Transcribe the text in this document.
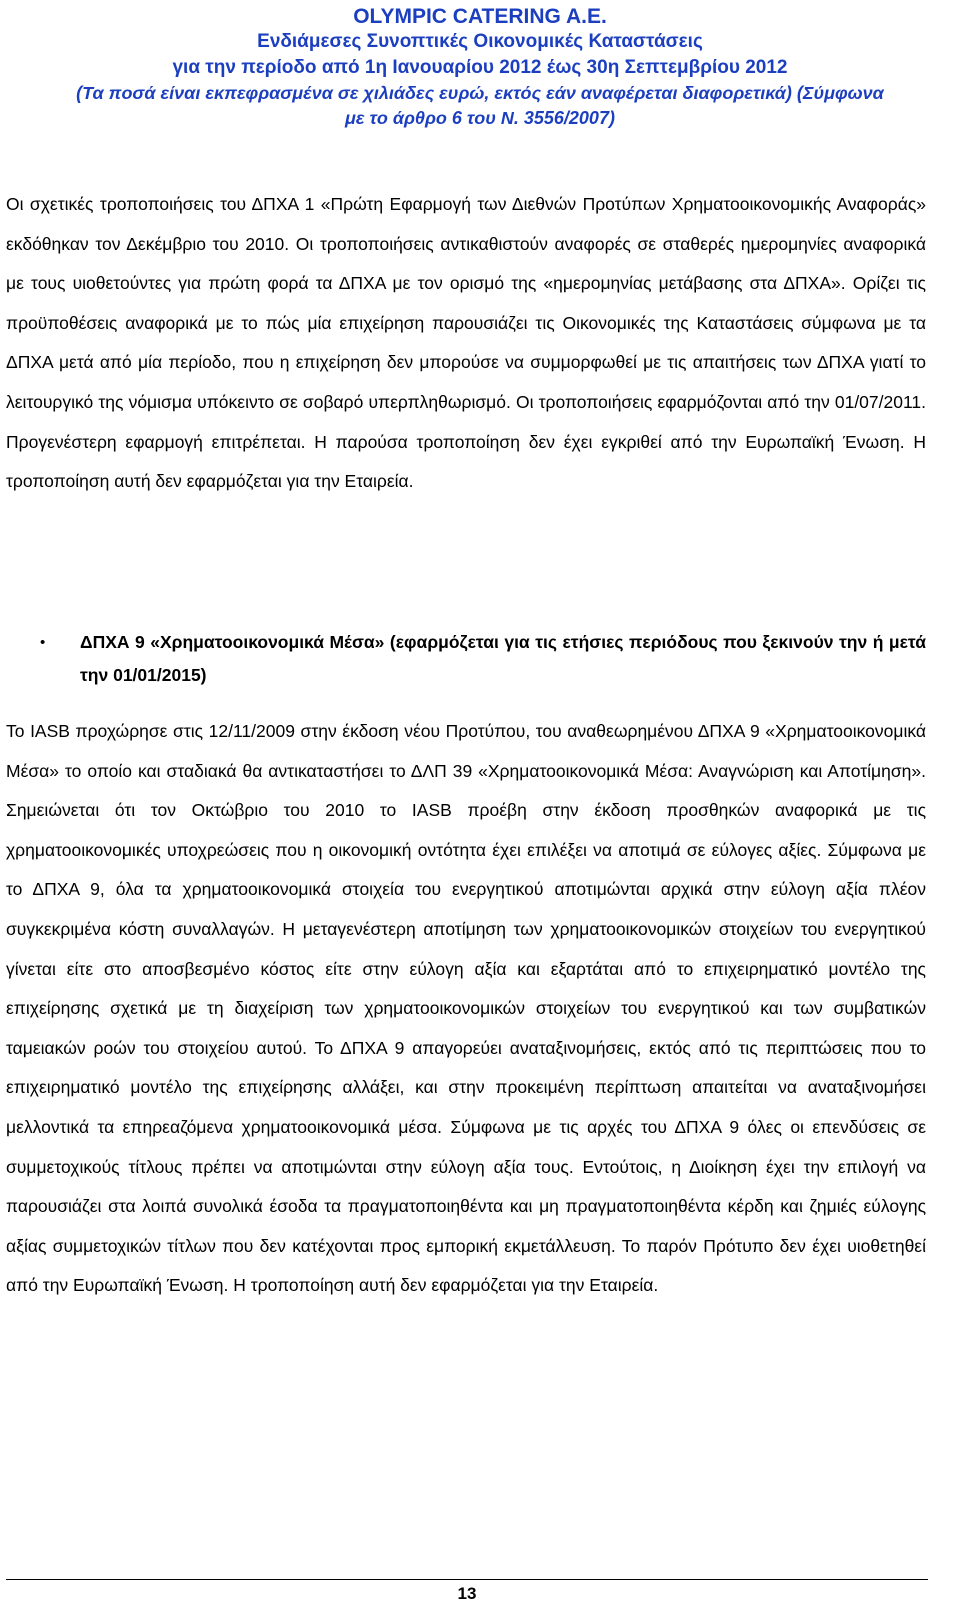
OLYMPIC CATERING A.E.
Ενδιάμεσες Συνοπτικές Οικονομικές Καταστάσεις
για την περίοδο από 1η Ιανουαρίου 2012 έως 30η Σεπτεμβρίου 2012
(Τα ποσά είναι εκπεφρασμένα σε χιλιάδες ευρώ, εκτός εάν αναφέρεται διαφορετικά) (Σύμφωνα
με το άρθρο 6 του Ν. 3556/2007)

Οι σχετικές τροποποιήσεις του ΔΠΧΑ 1 «Πρώτη Εφαρμογή των Διεθνών Προτύπων Χρηματοοικονομικής Αναφοράς» εκδόθηκαν τον Δεκέμβριο του 2010. Οι τροποποιήσεις αντικαθιστούν αναφορές σε σταθερές ημερομηνίες αναφορικά με τους υιοθετούντες για πρώτη φορά τα ΔΠΧΑ με τον ορισμό της «ημερομηνίας μετάβασης στα ΔΠΧΑ». Ορίζει τις προϋποθέσεις αναφορικά με το πώς μία επιχείρηση παρουσιάζει τις Οικονομικές της Καταστάσεις σύμφωνα με τα ΔΠΧΑ μετά από μία περίοδο, που η επιχείρηση δεν μπορούσε να συμμορφωθεί με τις απαιτήσεις των ΔΠΧΑ γιατί το λειτουργικό της νόμισμα υπόκειντο σε σοβαρό υπερπληθωρισμό. Οι τροποποιήσεις εφαρμόζονται από την 01/07/2011. Προγενέστερη εφαρμογή επιτρέπεται. Η παρούσα τροποποίηση δεν έχει εγκριθεί από την Ευρωπαϊκή Ένωση. Η τροποποίηση αυτή δεν εφαρμόζεται για την Εταιρεία.

• ΔΠΧΑ 9 «Χρηματοοικονομικά Μέσα» (εφαρμόζεται για τις ετήσιες περιόδους που ξεκινούν την ή μετά την 01/01/2015)

Το IASB προχώρησε στις 12/11/2009 στην έκδοση νέου Προτύπου, του αναθεωρημένου ΔΠΧΑ 9 «Χρηματοοικονομικά Μέσα» το οποίο και σταδιακά θα αντικαταστήσει το ΔΛΠ 39 «Χρηματοοικονομικά Μέσα: Αναγνώριση και Αποτίμηση». Σημειώνεται ότι τον Οκτώβριο του 2010 το IASB προέβη στην έκδοση προσθηκών αναφορικά με τις χρηματοοικονομικές υποχρεώσεις που η οικονομική οντότητα έχει επιλέξει να αποτιμά σε εύλογες αξίες. Σύμφωνα με το ΔΠΧΑ 9, όλα τα χρηματοοικονομικά στοιχεία του ενεργητικού αποτιμώνται αρχικά στην εύλογη αξία πλέον συγκεκριμένα κόστη συναλλαγών. Η μεταγενέστερη αποτίμηση των χρηματοοικονομικών στοιχείων του ενεργητικού γίνεται είτε στο αποσβεσμένο κόστος είτε στην εύλογη αξία και εξαρτάται από το επιχειρηματικό μοντέλο της επιχείρησης σχετικά με τη διαχείριση των χρηματοοικονομικών στοιχείων του ενεργητικού και των συμβατικών ταμειακών ροών του στοιχείου αυτού. Το ΔΠΧΑ 9 απαγορεύει αναταξινομήσεις, εκτός από τις περιπτώσεις που το επιχειρηματικό μοντέλο της επιχείρησης αλλάξει, και στην προκειμένη περίπτωση απαιτείται να αναταξινομήσει μελλοντικά τα επηρεαζόμενα χρηματοοικονομικά μέσα. Σύμφωνα με τις αρχές του ΔΠΧΑ 9 όλες οι επενδύσεις σε συμμετοχικούς τίτλους πρέπει να αποτιμώνται στην εύλογη αξία τους. Εντούτοις, η Διοίκηση έχει την επιλογή να παρουσιάζει στα λοιπά συνολικά έσοδα τα πραγματοποιηθέντα και μη πραγματοποιηθέντα κέρδη και ζημιές εύλογης αξίας συμμετοχικών τίτλων που δεν κατέχονται προς εμπορική εκμετάλλευση. Το παρόν Πρότυπο δεν έχει υιοθετηθεί από την Ευρωπαϊκή Ένωση. Η τροποποίηση αυτή δεν εφαρμόζεται για την Εταιρεία.

13
